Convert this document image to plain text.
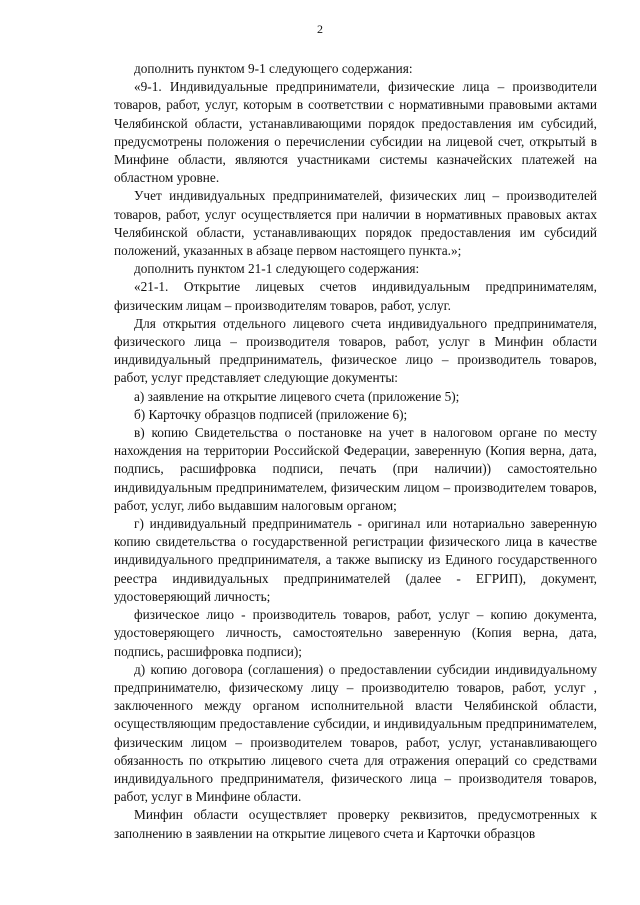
2

дополнить пунктом 9-1 следующего содержания:

«9-1. Индивидуальные предприниматели, физические лица – производители товаров, работ, услуг, которым в соответствии с нормативными правовыми актами Челябинской области, устанавливающими порядок предоставления им субсидий, предусмотрены положения о перечислении субсидии на лицевой счет, открытый в Минфине области, являются участниками системы казначейских платежей на областном уровне.

Учет индивидуальных предпринимателей, физических лиц – производителей товаров, работ, услуг осуществляется при наличии в нормативных правовых актах Челябинской области, устанавливающих порядок предоставления им субсидий положений, указанных в абзаце первом настоящего пункта.»;

дополнить пунктом 21-1 следующего содержания:

«21-1. Открытие лицевых счетов индивидуальным предпринимателям, физическим лицам – производителям товаров, работ, услуг.

Для открытия отдельного лицевого счета индивидуального предпринимателя, физического лица – производителя товаров, работ, услуг в Минфин области индивидуальный предприниматель, физическое лицо – производитель товаров, работ, услуг представляет следующие документы:

а) заявление на открытие лицевого счета (приложение 5);

б) Карточку образцов подписей (приложение 6);

в) копию Свидетельства о постановке на учет в налоговом органе по месту нахождения на территории Российской Федерации, заверенную (Копия верна, дата, подпись, расшифровка подписи, печать (при наличии)) самостоятельно индивидуальным предпринимателем, физическим лицом – производителем товаров, работ, услуг, либо выдавшим налоговым органом;

г) индивидуальный предприниматель - оригинал или нотариально заверенную копию свидетельства о государственной регистрации физического лица в качестве индивидуального предпринимателя, а также выписку из Единого государственного реестра индивидуальных предпринимателей (далее - ЕГРИП), документ, удостоверяющий личность;

физическое лицо - производитель товаров, работ, услуг – копию документа, удостоверяющего личность, самостоятельно заверенную (Копия верна, дата, подпись, расшифровка подписи);

д) копию договора (соглашения) о предоставлении субсидии индивидуальному предпринимателю, физическому лицу – производителю товаров, работ, услуг , заключенного между органом исполнительной власти Челябинской области, осуществляющим предоставление субсидии, и индивидуальным предпринимателем, физическим лицом – производителем товаров, работ, услуг, устанавливающего обязанность по открытию лицевого счета для отражения операций со средствами индивидуального предпринимателя, физического лица – производителя товаров, работ, услуг в Минфине области.

Минфин области осуществляет проверку реквизитов, предусмотренных к заполнению в заявлении на открытие лицевого счета и Карточки образцов
